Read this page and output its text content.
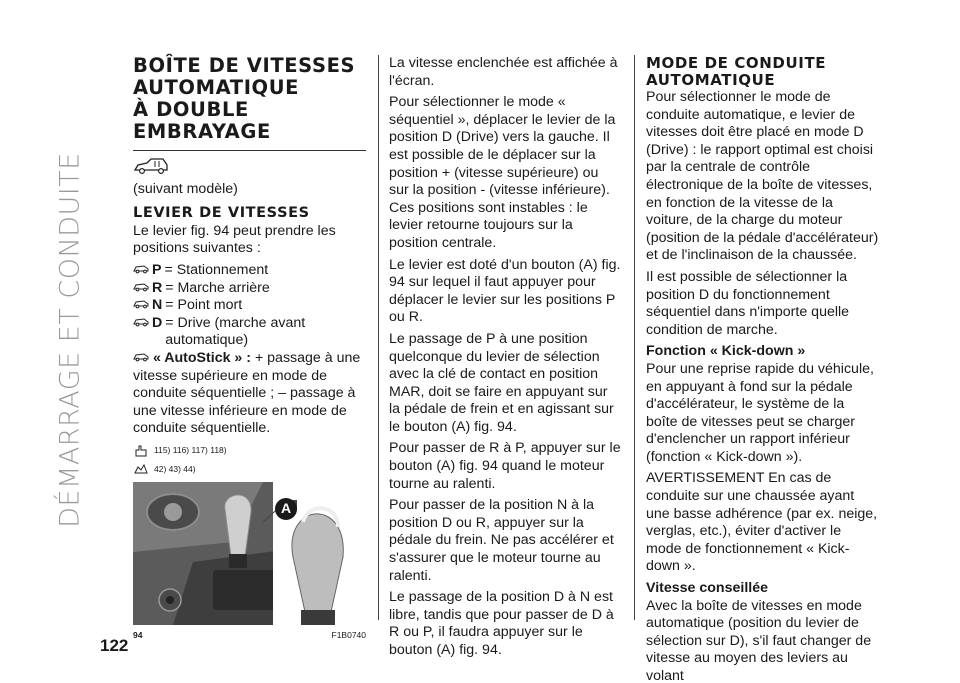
DÉMARRAGE ET CONDUITE
122
BOÎTE DE VITESSES
AUTOMATIQUE
À DOUBLE
EMBRAYAGE

(suivant modèle)

LEVIER DE VITESSES

Le levier fig. 94 peut prendre les positions suivantes :

P = Stationnement
R = Marche arrière
N = Point mort
D = Drive (marche avant automatique)

« AutoStick » : + passage à une vitesse supérieure en mode de conduite séquentielle ; – passage à une vitesse inférieure en mode de conduite séquentielle.

115) 116) 117) 118)
42) 43) 44)
A
94	F1B0740

La vitesse enclenchée est affichée à l'écran.

Pour sélectionner le mode « séquentiel », déplacer le levier de la position D (Drive) vers la gauche. Il est possible de le déplacer sur la position + (vitesse supérieure) ou sur la position - (vitesse inférieure). Ces positions sont instables : le levier retourne toujours sur la position centrale.

Le levier est doté d'un bouton (A) fig. 94 sur lequel il faut appuyer pour déplacer le levier sur les positions P ou R.

Le passage de P à une position quelconque du levier de sélection avec la clé de contact en position MAR, doit se faire en appuyant sur la pédale de frein et en agissant sur le bouton (A) fig. 94.

Pour passer de R à P, appuyer sur le bouton (A) fig. 94 quand le moteur tourne au ralenti.

Pour passer de la position N à la position D ou R, appuyer sur la pédale du frein. Ne pas accélérer et s'assurer que le moteur tourne au ralenti.

Le passage de la position D à N est libre, tandis que pour passer de D à R ou P, il faudra appuyer sur le bouton (A) fig. 94.

MODE DE CONDUITE
AUTOMATIQUE

Pour sélectionner le mode de conduite automatique, e levier de vitesses doit être placé en mode D (Drive) : le rapport optimal est choisi par la centrale de contrôle électronique de la boîte de vitesses, en fonction de la vitesse de la voiture, de la charge du moteur (position de la pédale d'accélérateur) et de l'inclinaison de la chaussée.

Il est possible de sélectionner la position D du fonctionnement séquentiel dans n'importe quelle condition de marche.

Fonction « Kick-down »

Pour une reprise rapide du véhicule, en appuyant à fond sur la pédale d'accélérateur, le système de la boîte de vitesses peut se charger d'enclencher un rapport inférieur (fonction « Kick-down »).

AVERTISSEMENT En cas de conduite sur une chaussée ayant une basse adhérence (par ex. neige, verglas, etc.), éviter d'activer le mode de fonctionnement « Kick-down ».

Vitesse conseillée

Avec la boîte de vitesses en mode automatique (position du levier de sélection sur D), s'il faut changer de vitesse au moyen des leviers au volant
